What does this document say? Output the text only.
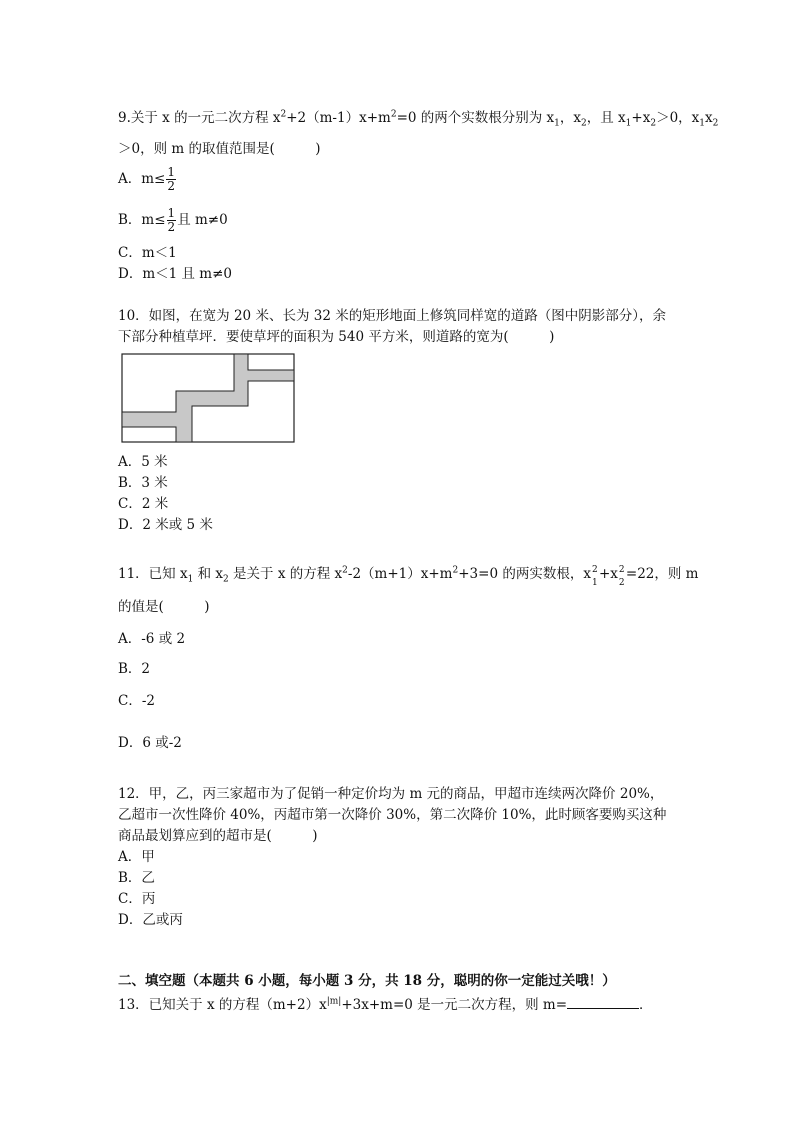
9.关于 x 的一元二次方程 $x^2+2(m-1)x+m^2=0$ 的两个实数根分别为 $x_1$，$x_2$，且 $x_1+x_2>0$，$x_1x_2$
＞0，则 m 的取值范围是(　　　)
A．$m\le \frac{1}{2}$
B．$m\le \frac{1}{2}$ 且 m≠0
C．m＜1
D．m＜1 且 m≠0
10．如图，在宽为 20 米、长为 32 米的矩形地面上修筑同样宽的道路（图中阴影部分），余
下部分种植草坪．要使草坪的面积为 540 平方米，则道路的宽为(　　　)
A．5 米
B．3 米
C．2 米
D．2 米或 5 米
11．已知 $x_1$ 和 $x_2$ 是关于 x 的方程 $x^2-2(m+1)x+m^2+3=0$ 的两实数根，x 2
1
+x 2
2
=22，则 m
的值是(　　　)
A．-6 或 2
B．2
C．-2
D．6 或-2
12．甲，乙，丙三家超市为了促销一种定价均为 m 元的商品，甲超市连续两次降价 20%，
乙超市一次性降价 40%，丙超市第一次降价 30%，第二次降价 10%，此时顾客要购买这种
商品最划算应到的超市是(　　　)
A．甲
B．乙
C．丙
D．乙或丙
二、填空题（本题共 6 小题，每小题 3 分，共 18 分，聪明的你一定能过关哦！）
13．已知关于 x 的方程$(m+2)x^{|m|}+3x+m=0$ 是一元二次方程，则 m=	．
